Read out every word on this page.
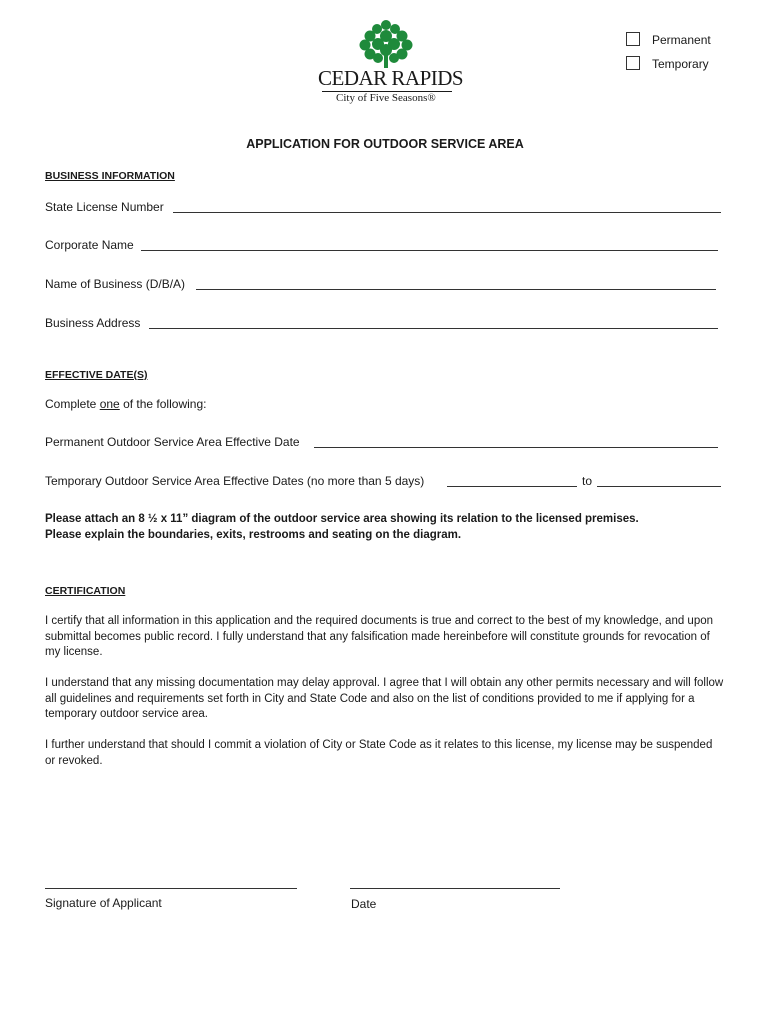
CEDAR RAPIDS
City of Five Seasons®
Permanent
Temporary
APPLICATION FOR OUTDOOR SERVICE AREA
BUSINESS INFORMATION
State License Number
Corporate Name
Name of Business (D/B/A)
Business Address
EFFECTIVE DATE(S)
Complete one of the following:
Permanent Outdoor Service Area Effective Date
Temporary Outdoor Service Area Effective Dates (no more than 5 days)	to
Please attach an 8 ½ x 11” diagram of the outdoor service area showing its relation to the licensed premises.
Please explain the boundaries, exits, restrooms and seating on the diagram.
CERTIFICATION
I certify that all information in this application and the required documents is true and correct to the best of my knowledge, and upon submittal becomes public record. I fully understand that any falsification made hereinbefore will constitute grounds for revocation of my license.
I understand that any missing documentation may delay approval. I agree that I will obtain any other permits necessary and will follow all guidelines and requirements set forth in City and State Code and also on the list of conditions provided to me if applying for a temporary outdoor service area.
I further understand that should I commit a violation of City or State Code as it relates to this license, my license may be suspended or revoked.
Signature of Applicant	Date
